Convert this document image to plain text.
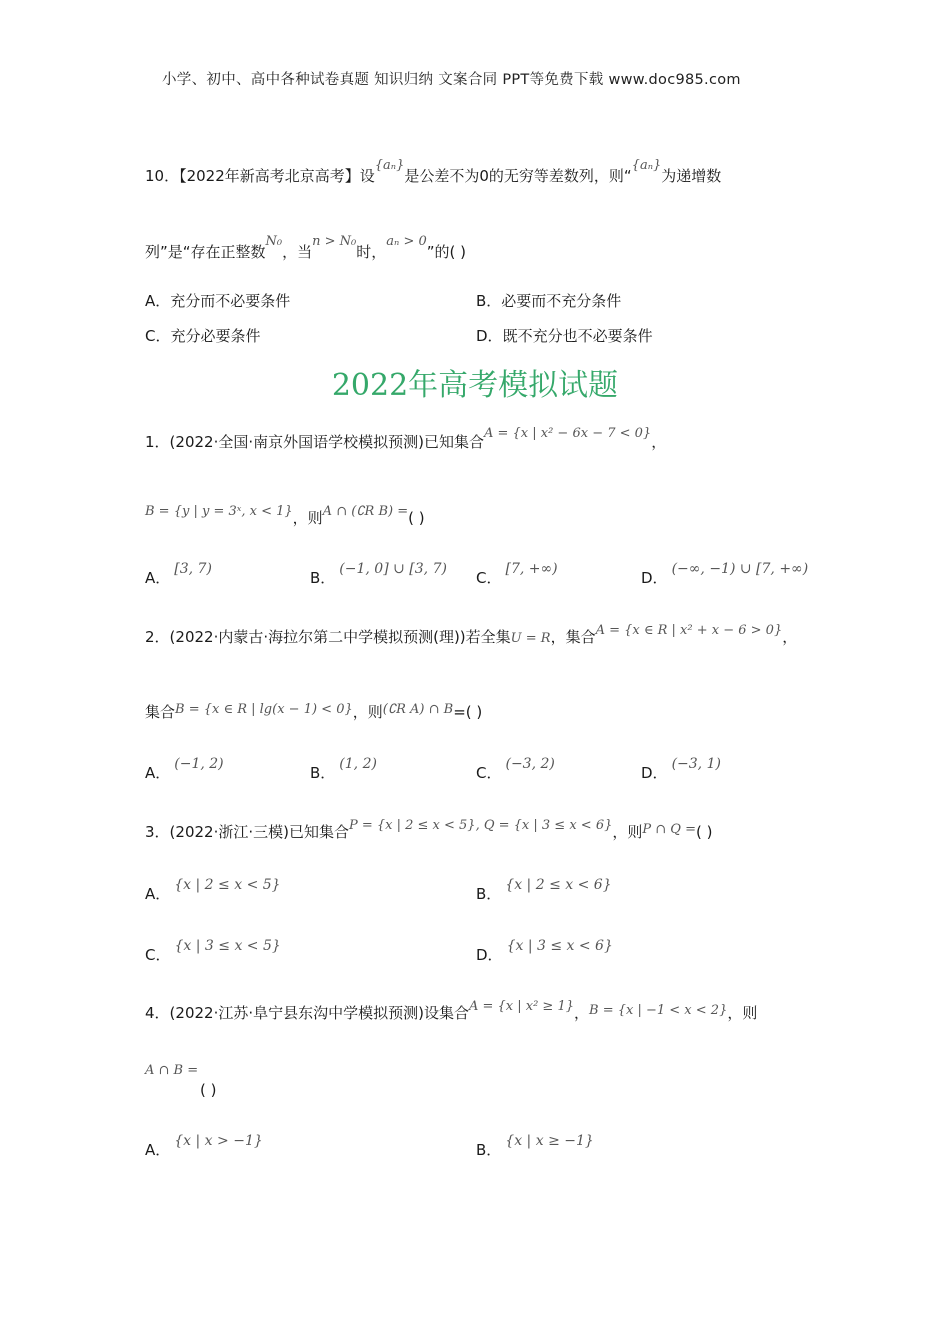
小学、初中、高中各种试卷真题 知识归纳 文案合同 PPT等免费下载 www.doc985.com
10．【2022年新高考北京高考】设{aₙ}是公差不为0的无穷等差数列，则“{aₙ}为递增数
列”是“存在正整数N₀，当n > N₀时，aₙ > 0”的( )
A．充分而不必要条件	B．必要而不充分条件
C．充分必要条件	D．既不充分也不必要条件
2022年高考模拟试题
1．(2022·全国·南京外国语学校模拟预测)已知集合A = {x | x² − 6x − 7 < 0}，
B = {y | y = 3ˣ, x < 1}，则A ∩ (∁R B) =( )
A． [3, 7)	B． (−1, 0] ∪ [3, 7) C． [7, +∞)	D． (−∞, −1) ∪ [7, +∞)
2．(2022·内蒙古·海拉尔第二中学模拟预测(理))若全集U = R，集合A = {x ∈ R | x² + x − 6 > 0}，
集合B = {x ∈ R | lg(x − 1) < 0}，则(∁R A) ∩ B=( )
A． (−1, 2)	B． (1, 2)	C． (−3, 2)	D． (−3, 1)
3．(2022·浙江·三模)已知集合P = {x | 2 ≤ x < 5}, Q = {x | 3 ≤ x < 6}，则P ∩ Q =( )
A． {x | 2 ≤ x < 5}	B． {x | 2 ≤ x < 6}
C． {x | 3 ≤ x < 5}	D． {x | 3 ≤ x < 6}
4．(2022·江苏·阜宁县东沟中学模拟预测)设集合A = {x | x² ≥ 1}，B = {x | −1 < x < 2}，则
A ∩ B =
( )
A． {x | x > −1}	B． {x | x ≥ −1}
